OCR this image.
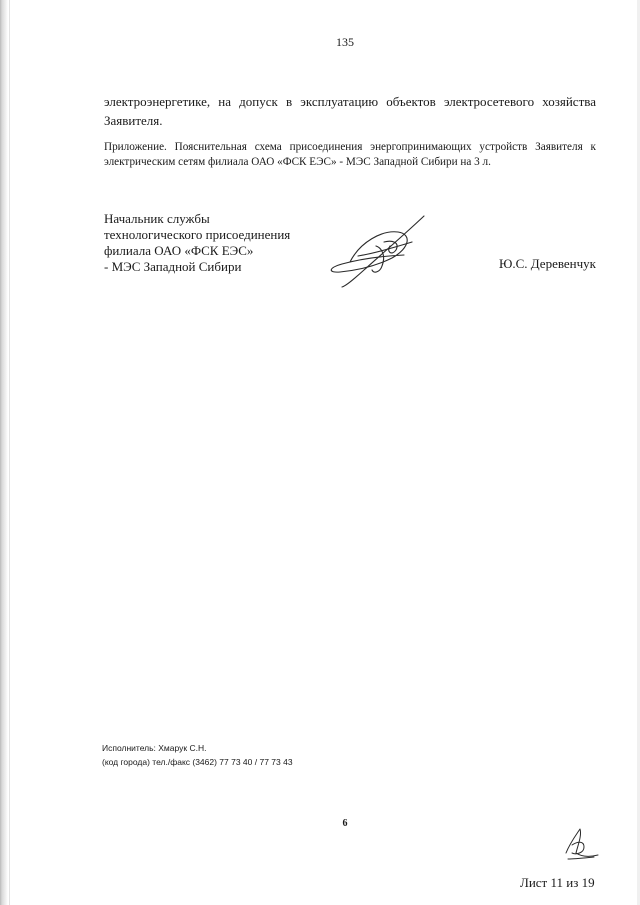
135
электроэнергетике, на допуск в эксплуатацию объектов электросетевого хозяйства
Заявителя.
Приложение. Пояснительная схема присоединения энергопринимающих устройств Заявителя к
электрическим сетям филиала ОАО «ФСК ЕЭС» - МЭС Западной Сибири на 3 л.
Начальник службы
технологического присоединения
филиала ОАО «ФСК ЕЭС»
- МЭС Западной Сибири	Ю.С. Деревенчук
Исполнитель: Хмарук С.Н.
(код города) тел./факс (3462) 77 73 40 / 77 73 43
6
Лист 11 из 19
